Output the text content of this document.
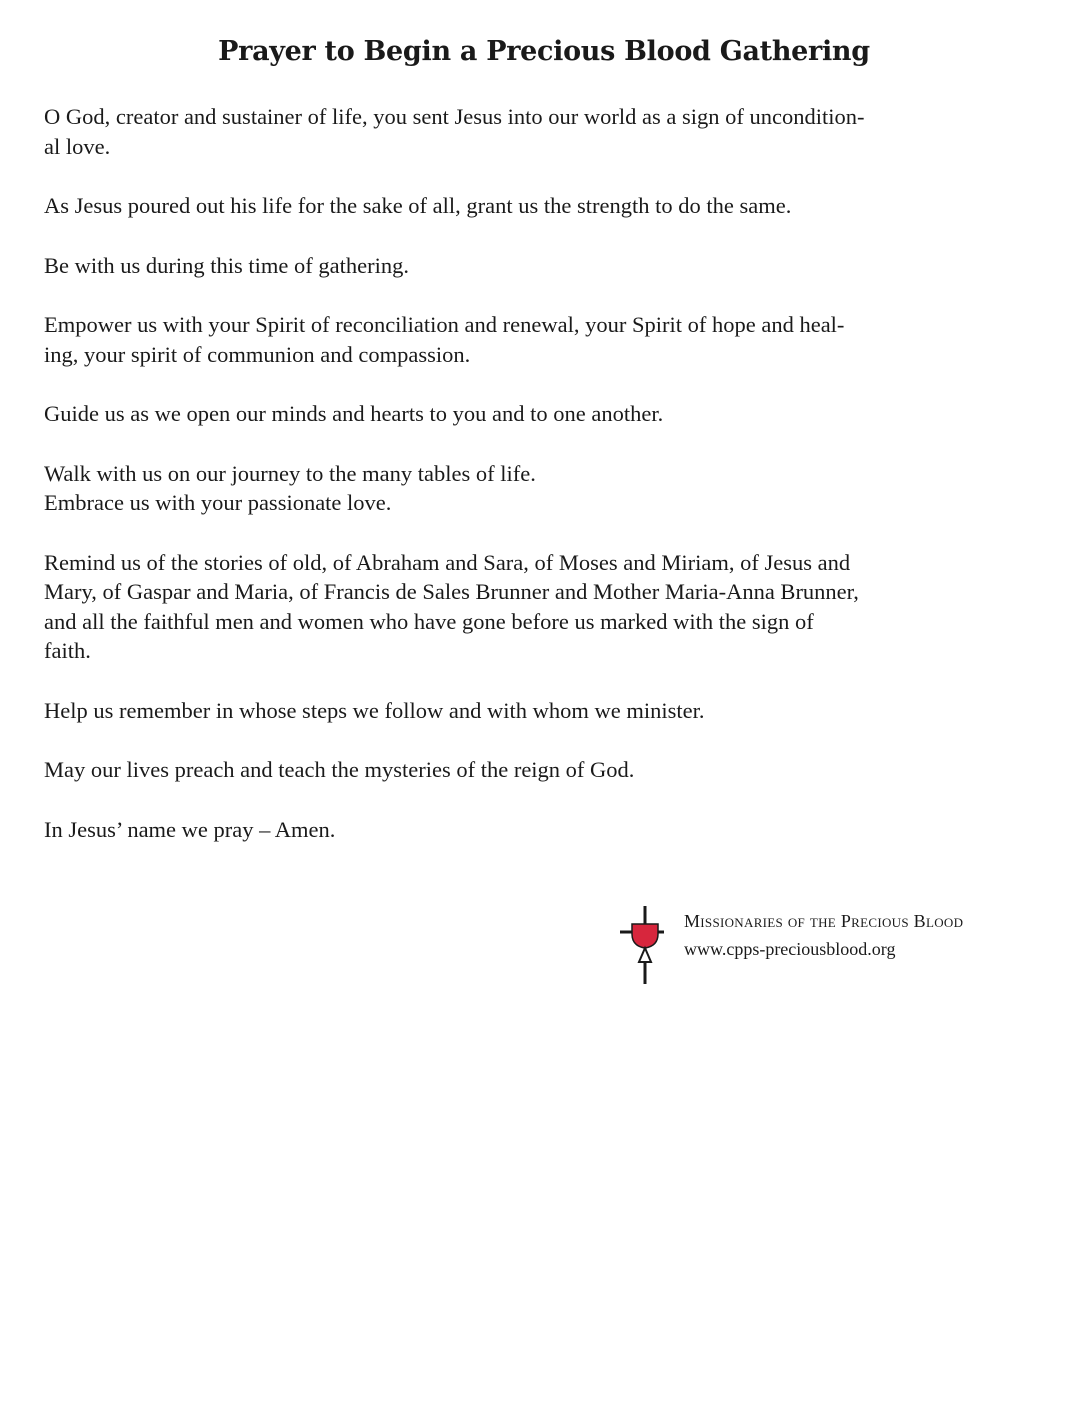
Prayer to Begin a Precious Blood Gathering

O God, creator and sustainer of life, you sent Jesus into our world as a sign of uncondition-
al love.

As Jesus poured out his life for the sake of all, grant us the strength to do the same.

Be with us during this time of gathering.

Empower us with your Spirit of reconciliation and renewal, your Spirit of hope and heal-
ing, your spirit of communion and compassion.

Guide us as we open our minds and hearts to you and to one another.

Walk with us on our journey to the many tables of life.
Embrace us with your passionate love.

Remind us of the stories of old, of Abraham and Sara, of Moses and Miriam, of Jesus and
Mary, of Gaspar and Maria, of Francis de Sales Brunner and Mother Maria-Anna Brunner,
and all the faithful men and women who have gone before us marked with the sign of
faith.

Help us remember in whose steps we follow and with whom we minister.

May our lives preach and teach the mysteries of the reign of God.

In Jesus’ name we pray – Amen.

Missionaries of the Precious Blood
www.cpps-preciousblood.org
